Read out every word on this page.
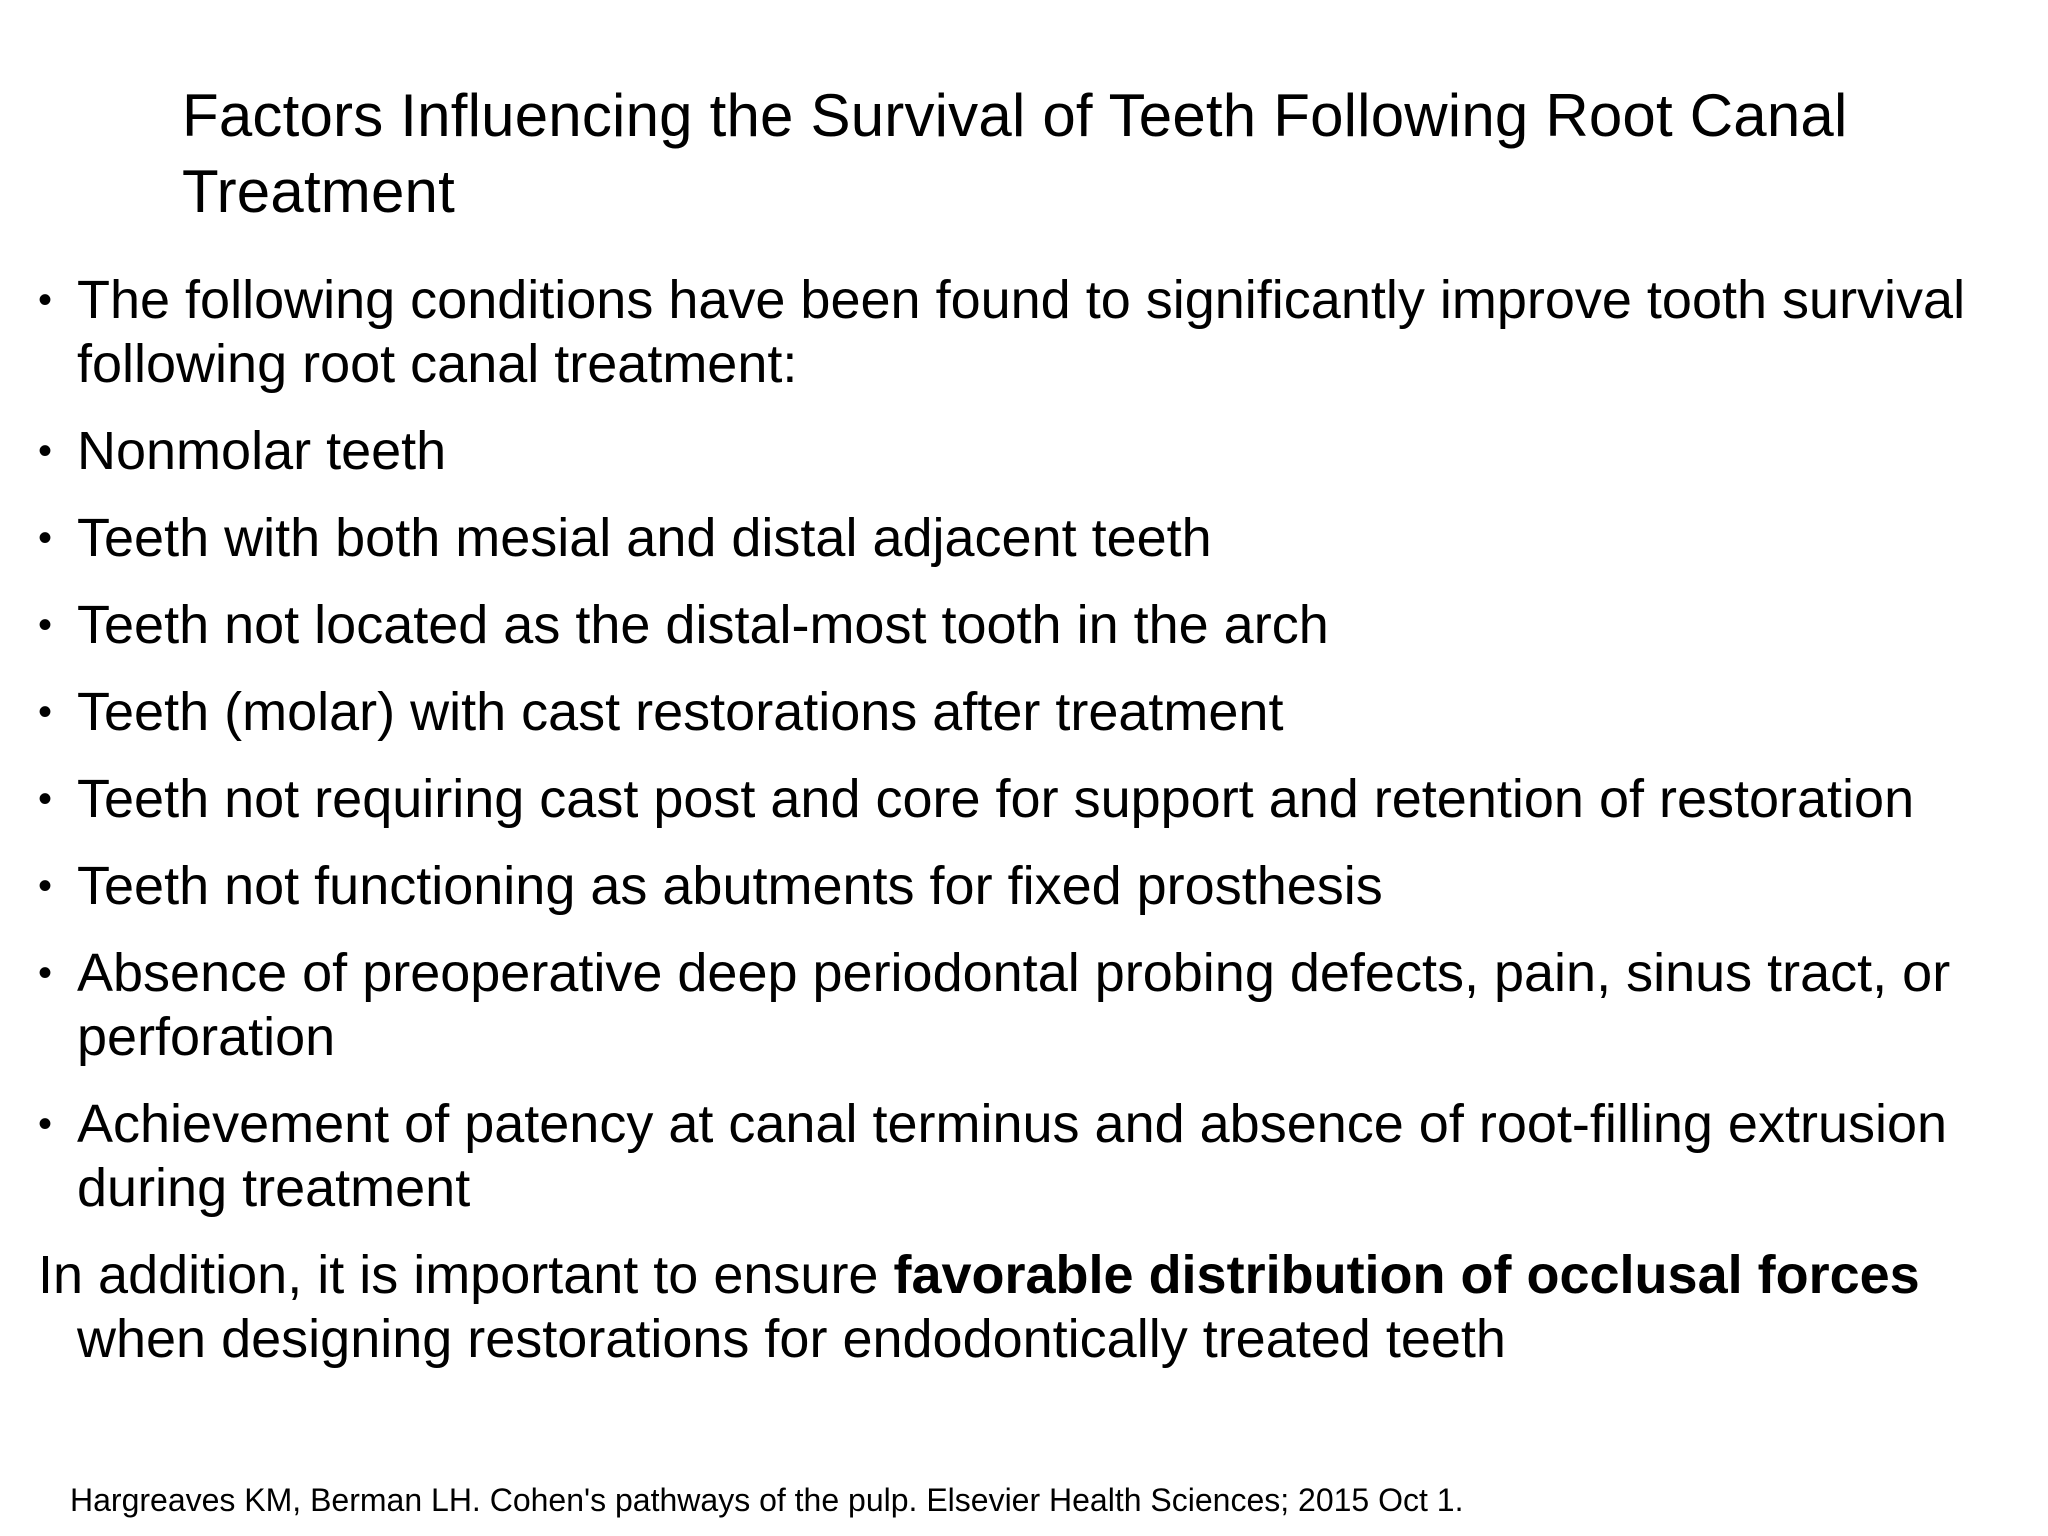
Factors Influencing the Survival of Teeth Following Root Canal Treatment
• The following conditions have been found to significantly improve tooth survival following root canal treatment:
• Nonmolar teeth
• Teeth with both mesial and distal adjacent teeth
• Teeth not located as the distal-most tooth in the arch
• Teeth (molar) with cast restorations after treatment
• Teeth not requiring cast post and core for support and retention of restoration
• Teeth not functioning as abutments for fixed prosthesis
• Absence of preoperative deep periodontal probing defects, pain, sinus tract, or perforation
• Achievement of patency at canal terminus and absence of root-filling extrusion during treatment
In addition, it is important to ensure favorable distribution of occlusal forces when designing restorations for endodontically treated teeth
Hargreaves KM, Berman LH. Cohen's pathways of the pulp. Elsevier Health Sciences; 2015 Oct 1.
